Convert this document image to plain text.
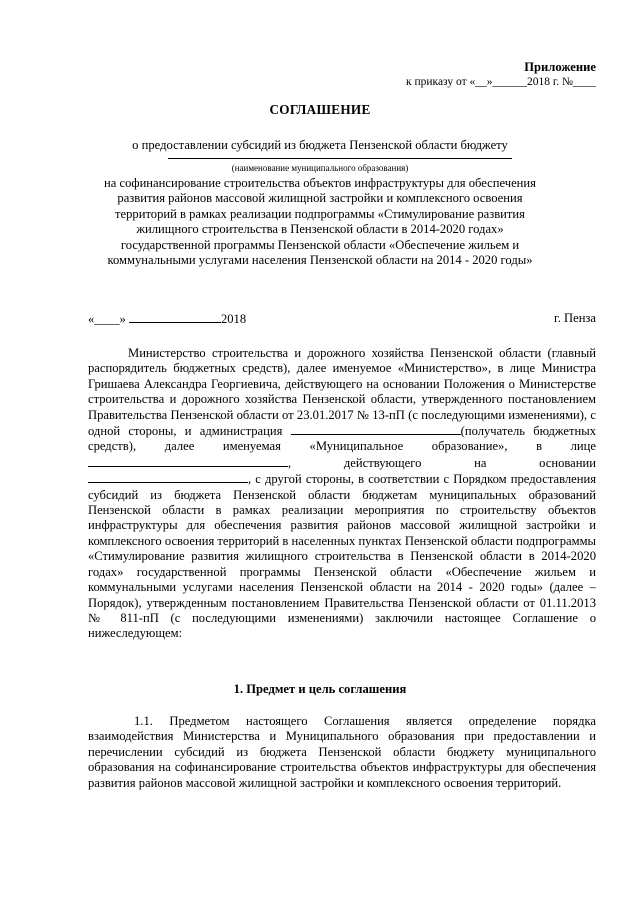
Приложение
к приказу от «__»______2018 г. №____
СОГЛАШЕНИЕ
о предоставлении субсидий из бюджета Пензенской области бюджету
(наименование муниципального образования)
на софинансирование строительства объектов инфраструктуры для обеспечения развития районов массовой жилищной застройки и комплексного освоения территорий в рамках реализации подпрограммы «Стимулирование развития жилищного строительства в Пензенской области в 2014-2020 годах» государственной программы Пензенской области «Обеспечение жильем и коммунальными услугами населения Пензенской области на 2014 - 2020 годы»
«____»	2018	г. Пенза
Министерство строительства и дорожного хозяйства Пензенской области (главный распорядитель бюджетных средств), далее именуемое «Министерство», в лице Министра Гришаева Александра Георгиевича, действующего на основании Положения о Министерстве строительства и дорожного хозяйства Пензенской области, утвержденного постановлением Правительства Пензенской области от 23.01.2017 № 13-пП (с последующими изменениями), с одной стороны, и администрация	(получатель бюджетных средств), далее именуемая «Муниципальное образование», в лице , действующего на основании , с другой стороны, в соответствии с Порядком предоставления субсидий из бюджета Пензенской области бюджетам муниципальных образований Пензенской области в рамках реализации мероприятия по строительству объектов инфраструктуры для обеспечения развития районов массовой жилищной застройки и комплексного освоения территорий в населенных пунктах Пензенской области подпрограммы «Стимулирование развития жилищного строительства в Пензенской области в 2014-2020 годах» государственной программы Пензенской области «Обеспечение жильем и коммунальными услугами населения Пензенской области на 2014 - 2020 годы» (далее – Порядок), утвержденным постановлением Правительства Пензенской области от 01.11.2013 № 811-пП (с последующими изменениями) заключили настоящее Соглашение о нижеследующем:
1. Предмет и цель соглашения
1.1. Предметом настоящего Соглашения является определение порядка взаимодействия Министерства и Муниципального образования при предоставлении и перечислении субсидий из бюджета Пензенской области бюджету муниципального образования на софинансирование строительства объектов инфраструктуры для обеспечения развития районов массовой жилищной застройки и комплексного освоения территорий.
